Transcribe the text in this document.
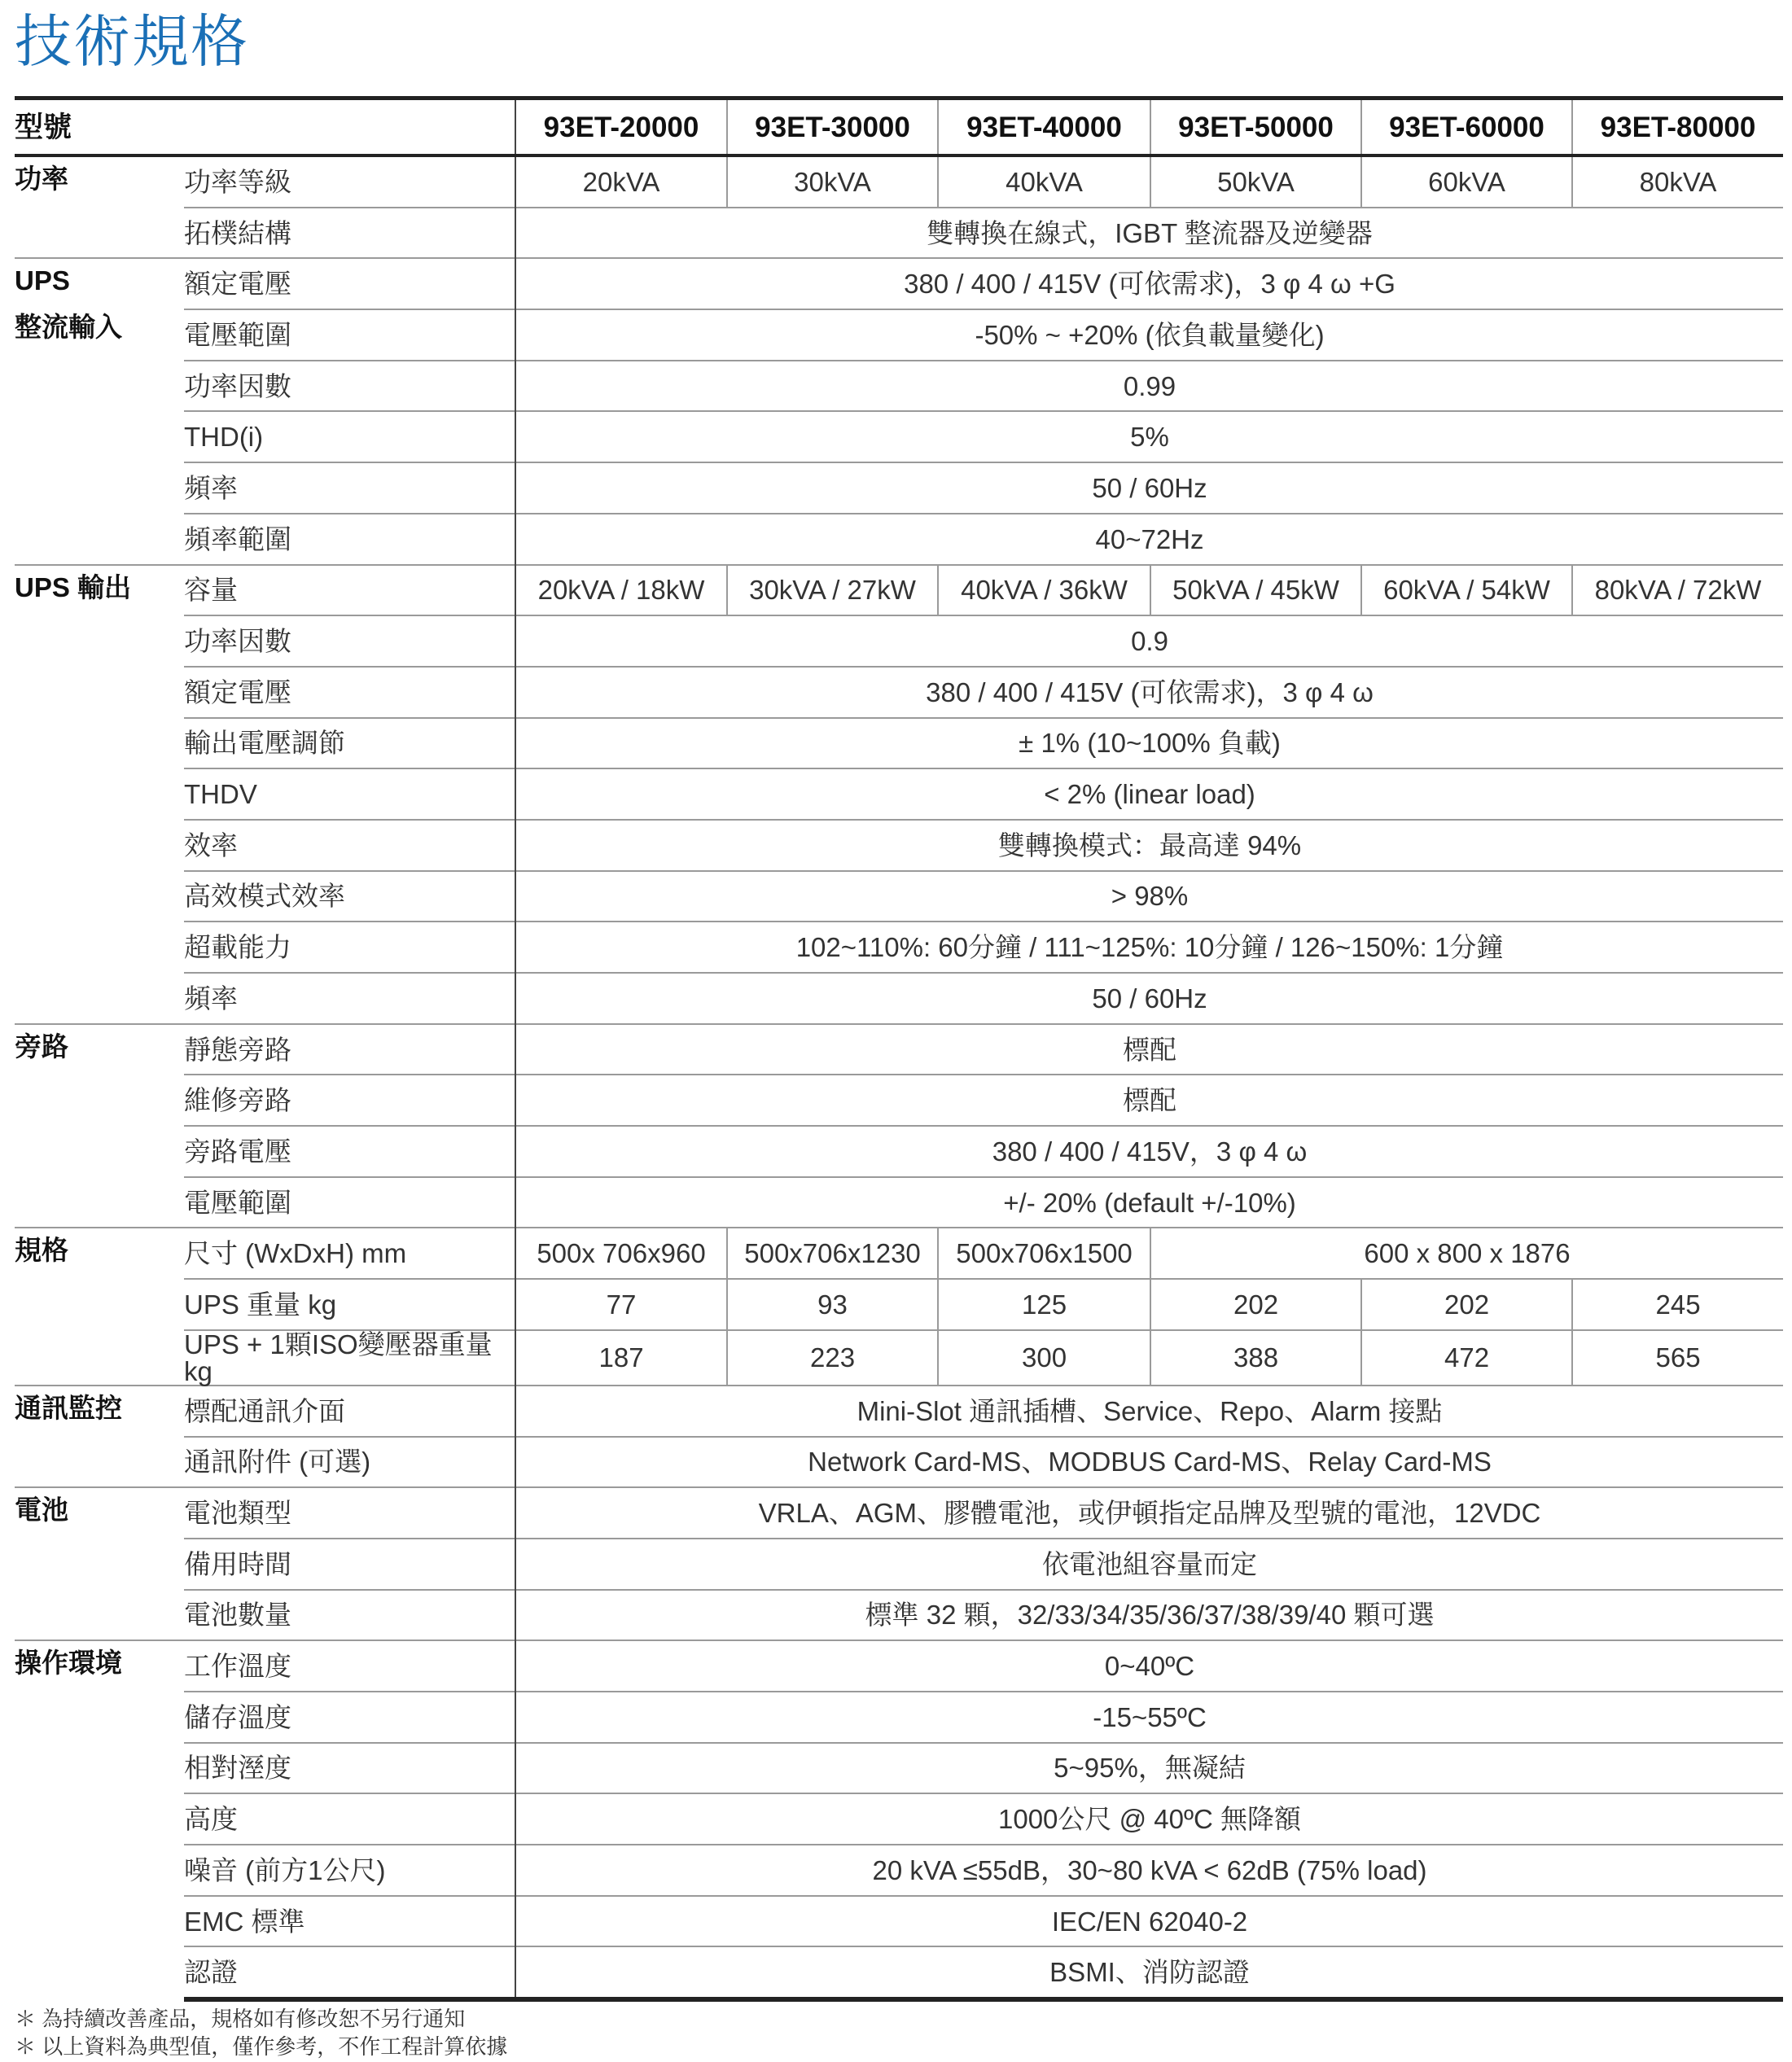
技術規格
型號		93ET-20000	93ET-30000	93ET-40000	93ET-50000	93ET-60000	93ET-80000
功率	功率等級	20kVA	30kVA	40kVA	50kVA	60kVA	80kVA
	拓樸結構	雙轉換在線式，IGBT 整流器及逆變器					

UPS
整流輸入	額定電壓	380 / 400 / 415V (可依需求)，3 φ 4 ω +G					
	電壓範圍	-50% ~ +20% (依負載量變化)					
	功率因數	0.99					
	THD(i)	5%					
	頻率	50 / 60Hz					
	頻率範圍	40~72Hz					
UPS 輸出	容量	20kVA / 18kW	30kVA / 27kW	40kVA / 36kW	50kVA / 45kW	60kVA / 54kW	80kVA / 72kW
	功率因數	0.9					
	額定電壓	380 / 400 / 415V (可依需求)，3 φ 4 ω					
	輸出電壓調節	± 1% (10~100% 負載)					
	THDV	< 2% (linear load)					
	效率	雙轉換模式：最高達 94%					
	高效模式效率	> 98%					
	超載能力	102~110%: 60分鐘 / 111~125%: 10分鐘 / 126~150%: 1分鐘					
	頻率	50 / 60Hz					
旁路	靜態旁路	標配					
	維修旁路	標配					
	旁路電壓	380 / 400 / 415V，3 φ 4 ω					
	電壓範圍	+/- 20% (default +/-10%)					
規格	尺寸 (WxDxH) mm	500x 706x960	500x706x1230	500x706x1500	600 x 800 x 1876		
	UPS 重量 kg	77	93	125	202	202	245
	UPS + 1顆ISO變壓器重量 kg	187	223	300	388	472	565
通訊監控	標配通訊介面	Mini-Slot 通訊插槽、Service、Repo、Alarm 接點					
	通訊附件 (可選)	Network Card-MS、MODBUS Card-MS、Relay Card-MS					
電池	電池類型	VRLA、AGM、膠體電池，或伊頓指定品牌及型號的電池，12VDC					
	備用時間	依電池組容量而定					
	電池數量	標準 32 顆，32/33/34/35/36/37/38/39/40 顆可選					
操作環境	工作溫度	0~40ºC					
	儲存溫度	-15~55ºC					
	相對溼度	5~95%，無凝結					
	高度	1000公尺 @ 40ºC 無降額					
	噪音 (前方1公尺)	20 kVA ≤55dB，30~80 kVA < 62dB (75% load)					
	EMC 標準	IEC/EN 62040-2					
	認證	BSMI、消防認證					
＊ 為持續改善產品，規格如有修改恕不另行通知
＊ 以上資料為典型值，僅作參考，不作工程計算依據
